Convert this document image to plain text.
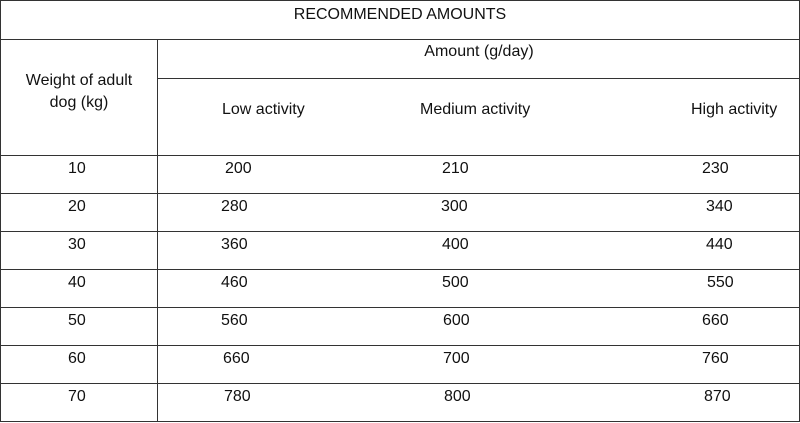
RECOMMENDED AMOUNTS
Weight of adult
dog (kg)
Amount (g/day)
Low activity	Medium activity	High activity
10	200	210	230
20	280	300	340
30	360	400	440
40	460	500	550
50	560	600	660
60	660	700	760
70	780	800	870
